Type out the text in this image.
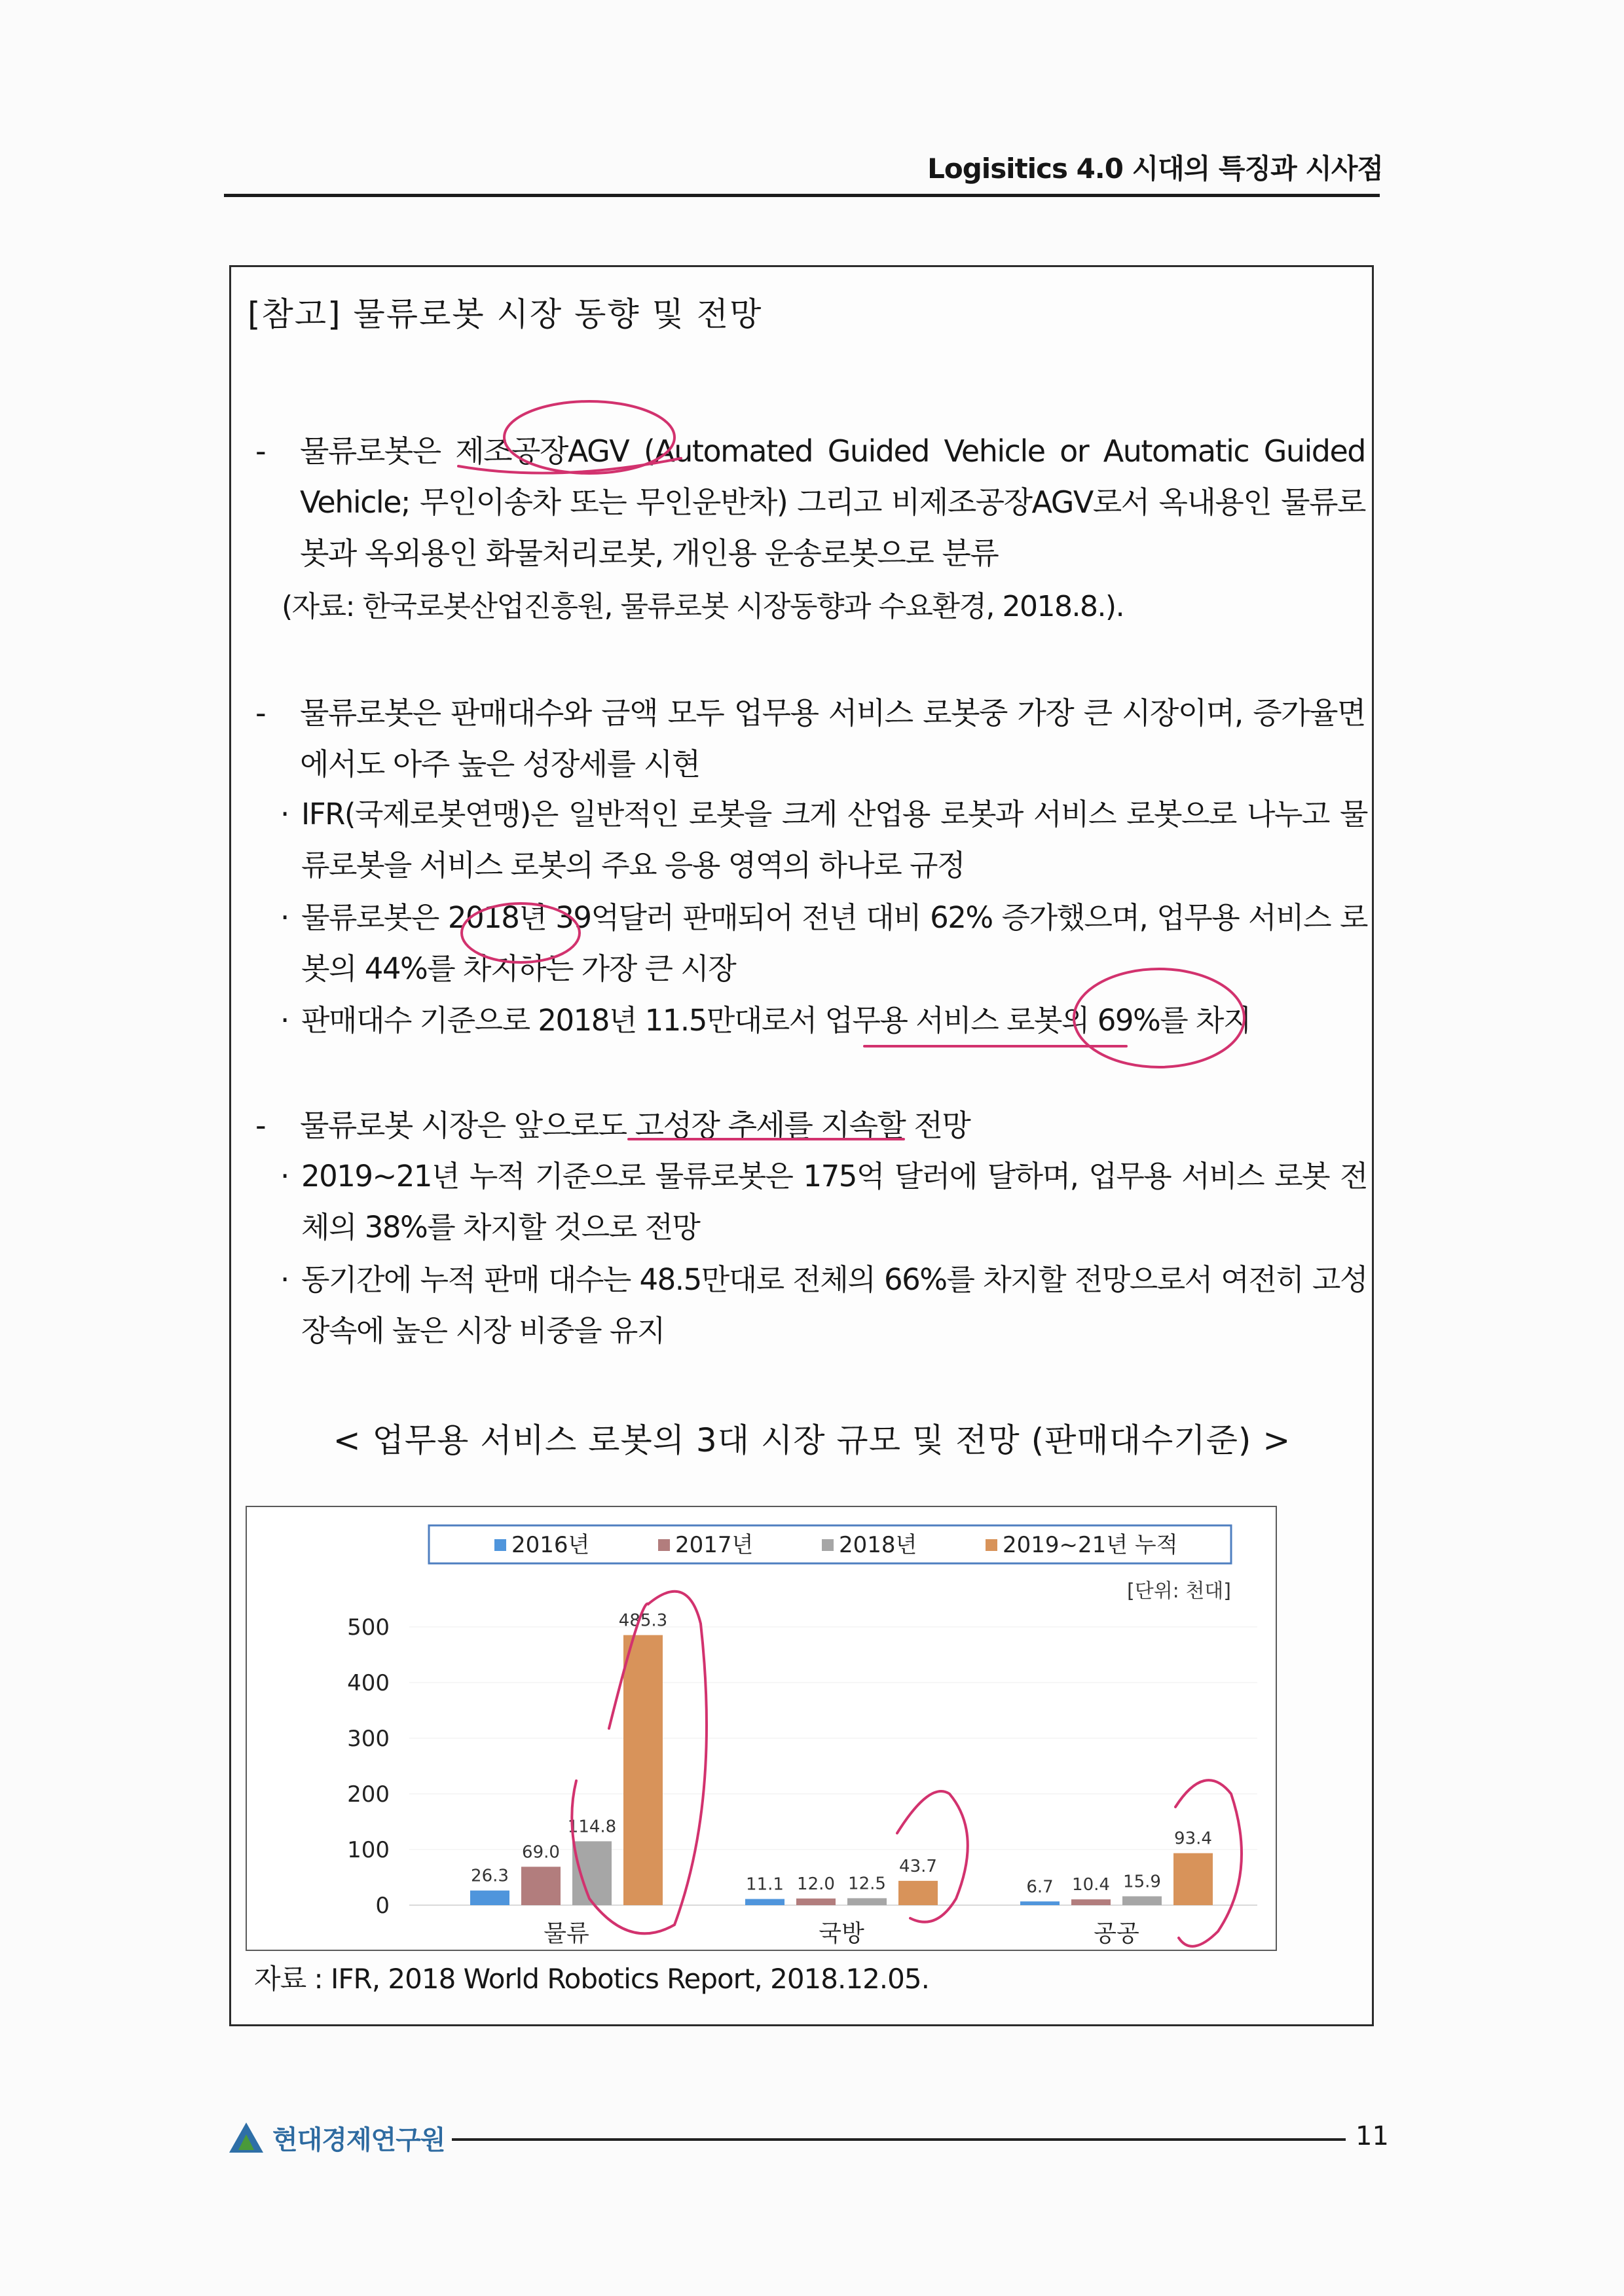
Logisitics 4.0 시대의 특징과 시사점
[참고] 물류로봇 시장 동향 및 전망
- 물류로봇은 제조공장AGV (Automated Guided Vehicle or Automatic Guided Vehicle; 무인이송차 또는 무인운반차) 그리고 비제조공장AGV로서 옥내용인 물류로봇과 옥외용인 화물처리로봇, 개인용 운송로봇으로 분류
(자료: 한국로봇산업진흥원, 물류로봇 시장동향과 수요환경, 2018.8.).
- 물류로봇은 판매대수와 금액 모두 업무용 서비스 로봇중 가장 큰 시장이며, 증가율면에서도 아주 높은 성장세를 시현
· IFR(국제로봇연맹)은 일반적인 로봇을 크게 산업용 로봇과 서비스 로봇으로 나누고 물류로봇을 서비스 로봇의 주요 응용 영역의 하나로 규정
· 물류로봇은 2018년 39억달러 판매되어 전년 대비 62% 증가했으며, 업무용 서비스 로봇의 44%를 차지하는 가장 큰 시장
· 판매대수 기준으로 2018년 11.5만대로서 업무용 서비스 로봇의 69%를 차지
- 물류로봇 시장은 앞으로도 고성장 추세를 지속할 전망
· 2019~21년 누적 기준으로 물류로봇은 175억 달러에 달하며, 업무용 서비스 로봇 전체의 38%를 차지할 것으로 전망
· 동기간에 누적 판매 대수는 48.5만대로 전체의 66%를 차지할 전망으로서 여전히 고성장속에 높은 시장 비중을 유지
< 업무용 서비스 로봇의 3대 시장 규모 및 전망 (판매대수기준) >
2016년	2017년	2018년	2019~21년 누적
[단위: 천대]
0
100
200
300
400
500
26.3
69.0
114.8
485.3
물류
11.1 12.0 12.5
43.7
국방
6.7 10.4 15.9
93.4
공공
자료 : IFR, 2018 World Robotics Report, 2018.12.05.
현대경제연구원	11
